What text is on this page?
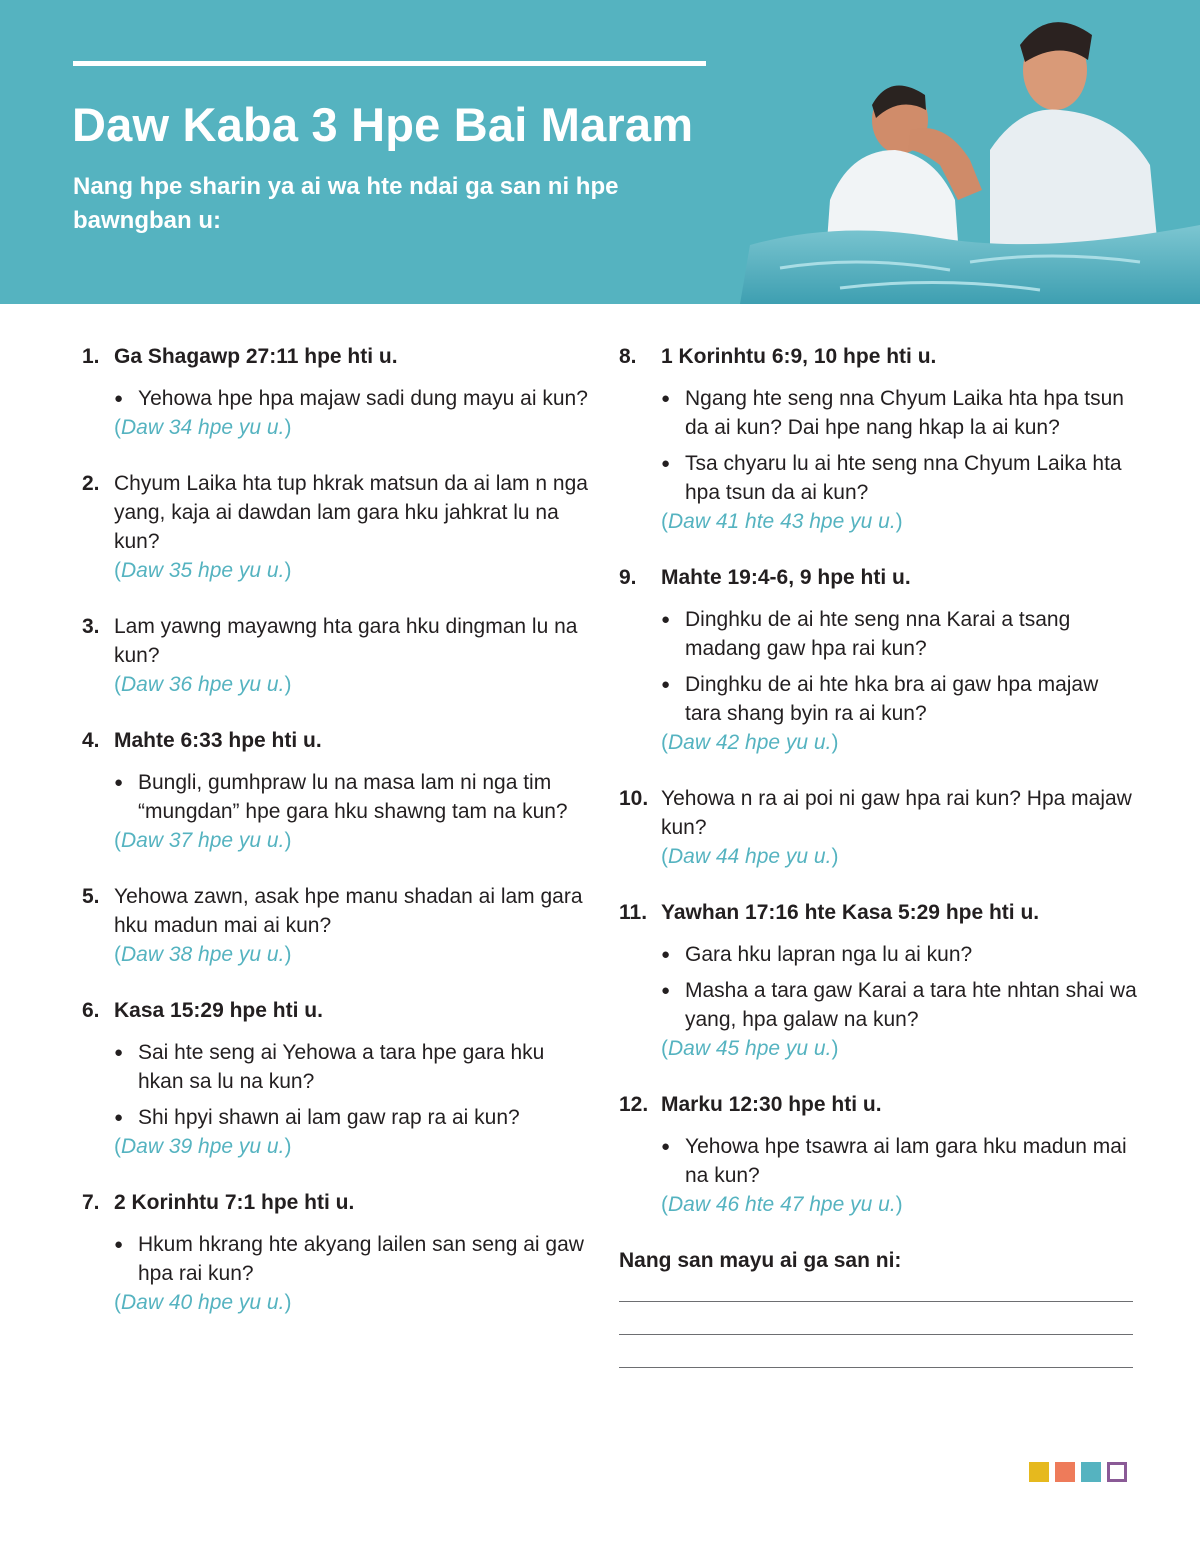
Daw Kaba 3 Hpe Bai Maram

Nang hpe sharin ya ai wa hte ndai ga san ni hpe bawngban u:

1. Ga Shagawp 27:11 hpe hti u.
● Yehowa hpe hpa majaw sadi dung mayu ai kun?
(Daw 34 hpe yu u.)
2. Chyum Laika hta tup hkrak matsun da ai lam n nga yang, kaja ai dawdan lam gara hku jahkrat lu na kun?
(Daw 35 hpe yu u.)
3. Lam yawng mayawng hta gara hku dingman lu na kun?
(Daw 36 hpe yu u.)
4. Mahte 6:33 hpe hti u.
● Bungli, gumhpraw lu na masa lam ni nga tim “mungdan” hpe gara hku shawng tam na kun?
(Daw 37 hpe yu u.)
5. Yehowa zawn, asak hpe manu shadan ai lam gara hku madun mai ai kun?
(Daw 38 hpe yu u.)
6. Kasa 15:29 hpe hti u.
● Sai hte seng ai Yehowa a tara hpe gara hku hkan sa lu na kun?
● Shi hpyi shawn ai lam gaw rap ra ai kun?
(Daw 39 hpe yu u.)
7. 2 Korinhtu 7:1 hpe hti u.
● Hkum hkrang hte akyang lailen san seng ai gaw hpa rai kun?
(Daw 40 hpe yu u.)
8.	1 Korinhtu 6:9, 10 hpe hti u.
● Ngang hte seng nna Chyum Laika hta hpa tsun da ai kun? Dai hpe nang hkap la ai kun?
● Tsa chyaru lu ai hte seng nna Chyum Laika hta hpa tsun da ai kun?
(Daw 41 hte 43 hpe yu u.)
9.	Mahte 19:4-6, 9 hpe hti u.
● Dinghku de ai hte seng nna Karai a tsang madang gaw hpa rai kun?
● Dinghku de ai hte hka bra ai gaw hpa majaw tara shang byin ra ai kun?
(Daw 42 hpe yu u.)
10. Yehowa n ra ai poi ni gaw hpa rai kun? Hpa majaw kun?
(Daw 44 hpe yu u.)
11. Yawhan 17:16 hte Kasa 5:29 hpe hti u.
● Gara hku lapran nga lu ai kun?
● Masha a tara gaw Karai a tara hte nhtan shai wa yang, hpa galaw na kun?
(Daw 45 hpe yu u.)
12. Marku 12:30 hpe hti u.
● Yehowa hpe tsawra ai lam gara hku madun mai na kun?
(Daw 46 hte 47 hpe yu u.)

Nang san mayu ai ga san ni:
